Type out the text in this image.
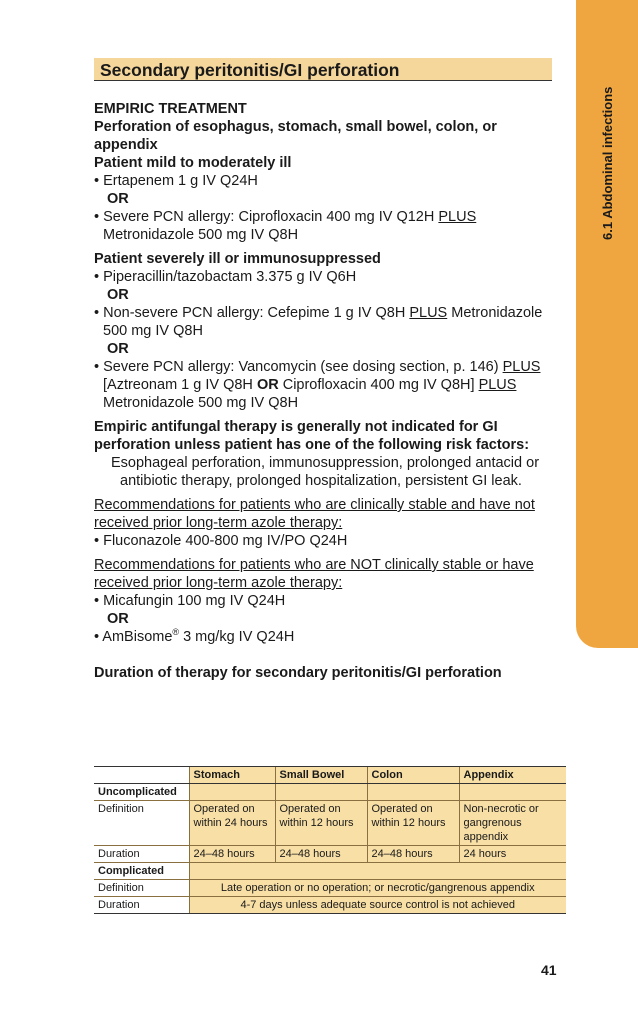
6.1 Abdominal infections
Secondary peritonitis/GI perforation

EMPIRIC TREATMENT

Perforation of esophagus, stomach, small bowel, colon, or appendix

Patient mild to moderately ill

• Ertapenem 1 g IV Q24H

OR

• Severe PCN allergy: Ciprofloxacin 400 mg IV Q12H PLUS
Metronidazole 500 mg IV Q8H

Patient severely ill or immunosuppressed

• Piperacillin/tazobactam 3.375 g IV Q6H

OR

• Non-severe PCN allergy: Cefepime 1 g IV Q8H PLUS Metronidazole 500 mg IV Q8H

OR

• Severe PCN allergy: Vancomycin (see dosing section, p. 146) PLUS
[Aztreonam 1 g IV Q8H OR Ciprofloxacin 400 mg IV Q8H] PLUS
Metronidazole 500 mg IV Q8H

Empiric antifungal therapy is generally not indicated for GI perforation unless patient has one of the following risk factors:

Esophageal perforation, immunosuppression, prolonged antacid or antibiotic therapy, prolonged hospitalization, persistent GI leak.

Recommendations for patients who are clinically stable and have not received prior long-term azole therapy:

• Fluconazole 400-800 mg IV/PO Q24H

Recommendations for patients who are NOT clinically stable or have received prior long-term azole therapy:

• Micafungin 100 mg IV Q24H

OR

• AmBisome® 3 mg/kg IV Q24H

Duration of therapy for secondary peritonitis/GI perforation

	Stomach	Small Bowel	Colon	Appendix
Uncomplicated				
Definition	Operated on within 24 hours	Operated on within 12 hours	Operated on within 12 hours	Non-necrotic or gangrenous appendix
Duration	24–48 hours	24–48 hours	24–48 hours	24 hours
Complicated				
Definition	Late operation or no operation; or necrotic/gangrenous appendix			
Duration	4-7 days unless adequate source control is not achieved			
41
